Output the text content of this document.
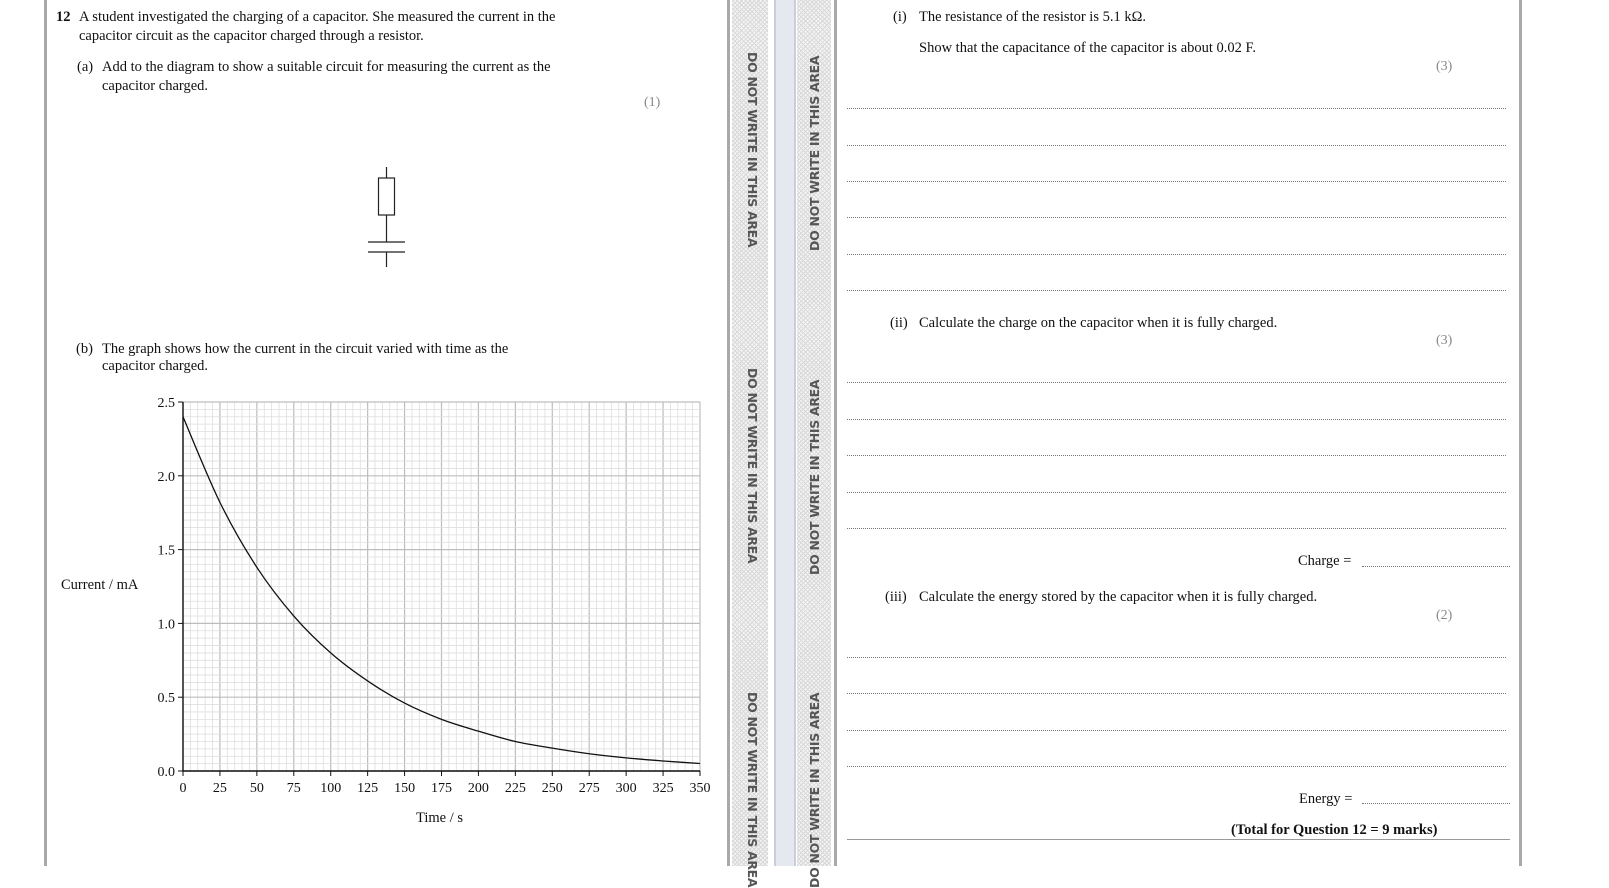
DO NOT WRITE IN THIS AREA
DO NOT WRITE IN THIS AREA
DO NOT WRITE IN THIS AREA
DO NOT WRITE IN THIS AREA
DO NOT WRITE IN THIS AREA
DO NOT WRITE IN THIS AREA
12 A student investigated the charging of a capacitor. She measured the current in the
capacitor circuit as the capacitor charged through a resistor.
(a) Add to the diagram to show a suitable circuit for measuring the current as the
capacitor charged.
(1)
(b) The graph shows how the current in the circuit varied with time as the
capacitor charged.
Current / mA
Time / s
0 25 50 75 100 125 150 175 200 225 250 275 300 325 350
0.0
0.5
1.0
1.5
2.0
2.5
(i) The resistance of the resistor is 5.1 kΩ.
Show that the capacitance of the capacitor is about 0.02 F.
(3)
(ii) Calculate the charge on the capacitor when it is fully charged.
(3)
Charge =
(iii) Calculate the energy stored by the capacitor when it is fully charged.
(2)
Energy =
(Total for Question 12 = 9 marks)
